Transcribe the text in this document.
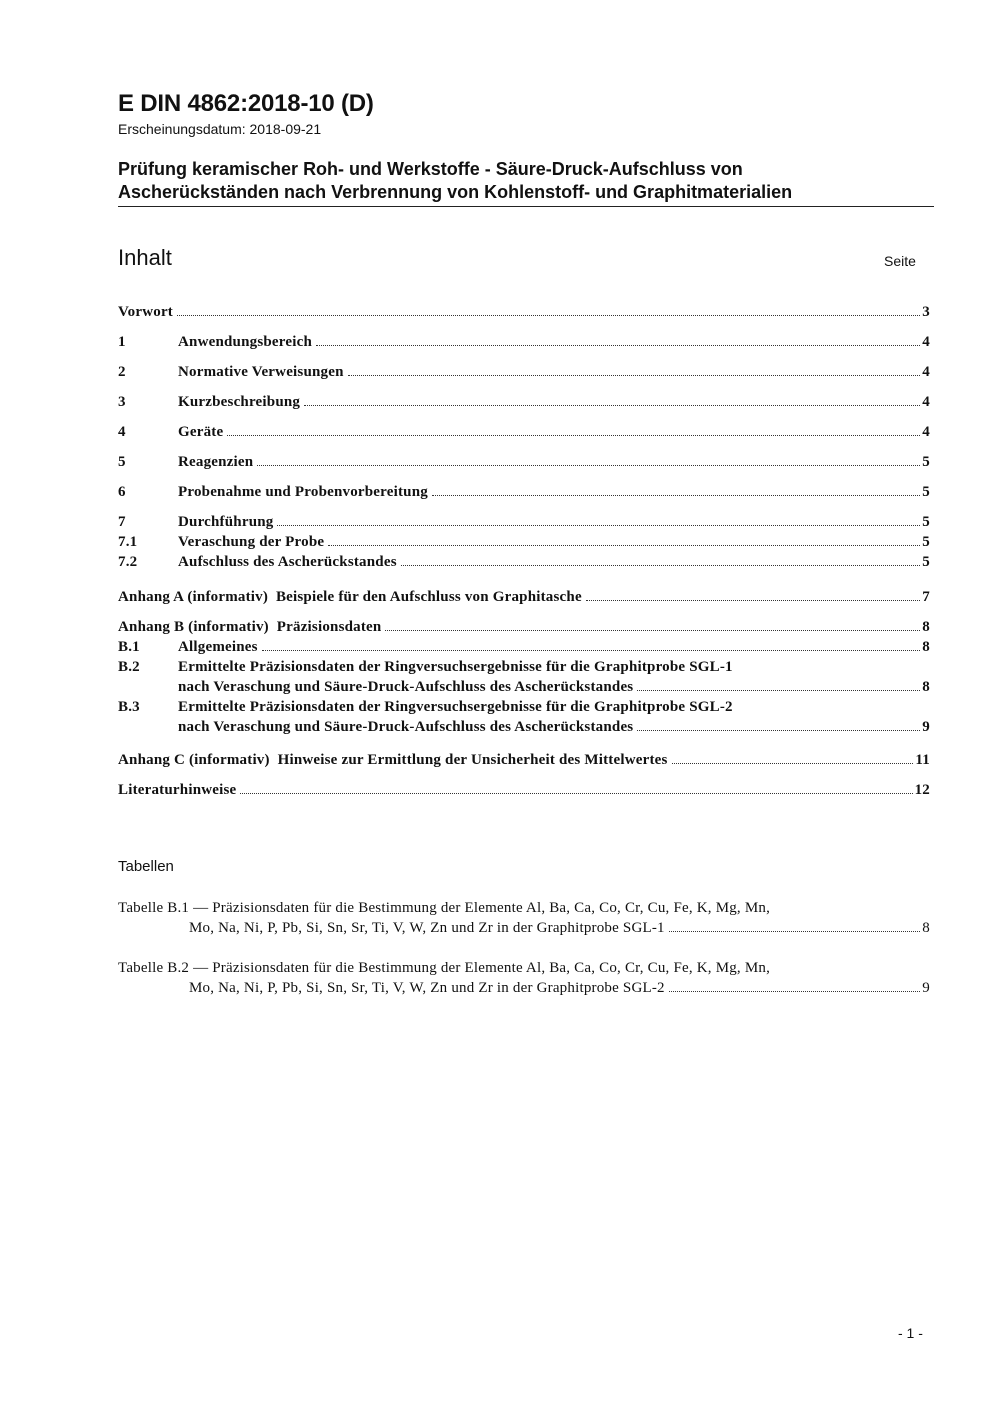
E DIN 4862:2018-10 (D)
Erscheinungsdatum: 2018-09-21
Prüfung keramischer Roh- und Werkstoffe - Säure-Druck-Aufschluss von
Ascherückständen nach Verbrennung von Kohlenstoff- und Graphitmaterialien
Inhalt	Seite
Vorwort	3
1	Anwendungsbereich	4
2	Normative Verweisungen	4
3	Kurzbeschreibung	4
4	Geräte	4
5	Reagenzien	5
6	Probenahme und Probenvorbereitung	5
7	Durchführung	5
7.1	Veraschung der Probe	5
7.2	Aufschluss des Ascherückstandes	5
Anhang A (informativ)  Beispiele für den Aufschluss von Graphitasche	7
Anhang B (informativ)  Präzisionsdaten	8
B.1	Allgemeines	8
B.2	Ermittelte Präzisionsdaten der Ringversuchsergebnisse für die Graphitprobe SGL-1
nach Veraschung und Säure-Druck-Aufschluss des Ascherückstandes	8
B.3	Ermittelte Präzisionsdaten der Ringversuchsergebnisse für die Graphitprobe SGL-2
nach Veraschung und Säure-Druck-Aufschluss des Ascherückstandes	9
Anhang C (informativ)  Hinweise zur Ermittlung der Unsicherheit des Mittelwertes	11
Literaturhinweise	12
Tabellen
Tabelle B.1 — Präzisionsdaten für die Bestimmung der Elemente Al, Ba, Ca, Co, Cr, Cu, Fe, K, Mg, Mn,
Mo, Na, Ni, P, Pb, Si, Sn, Sr, Ti, V, W, Zn und Zr in der Graphitprobe SGL-1	8
Tabelle B.2 — Präzisionsdaten für die Bestimmung der Elemente Al, Ba, Ca, Co, Cr, Cu, Fe, K, Mg, Mn,
Mo, Na, Ni, P, Pb, Si, Sn, Sr, Ti, V, W, Zn und Zr in der Graphitprobe SGL-2	9
- 1 -
